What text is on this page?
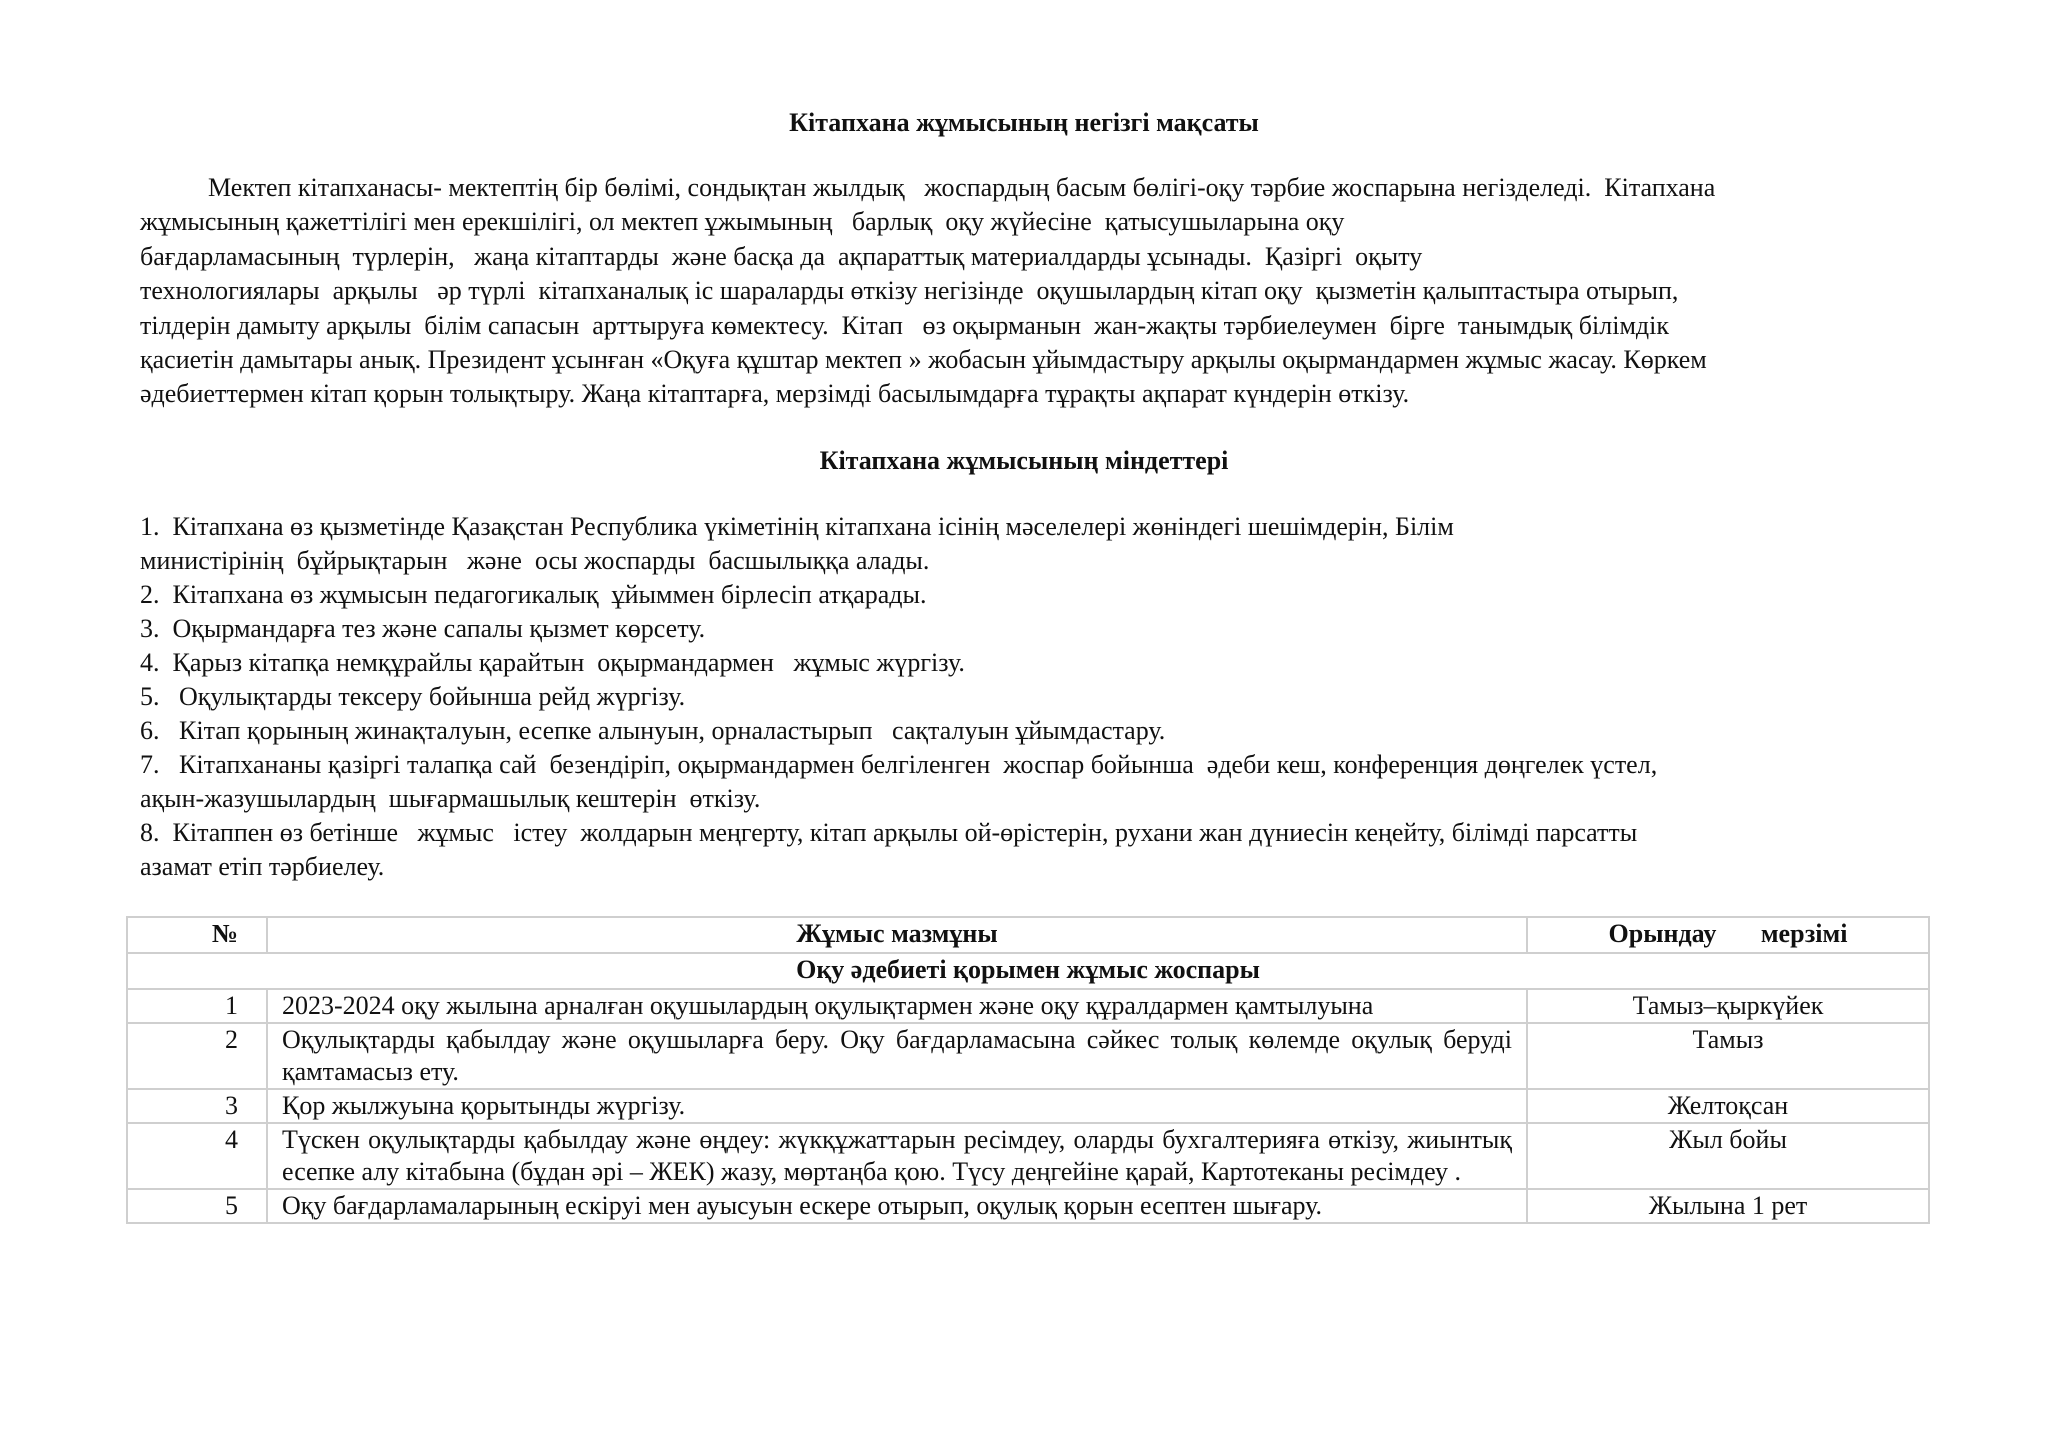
Кітапхана жұмысының негізгі мақсаты
Мектеп кітапханасы- мектептің бір бөлімі, сондықтан жылдық   жоспардың басым бөлігі-оқу тәрбие жоспарына негізделеді.  Кітапхана
жұмысының қажеттілігі мен ерекшілігі, ол мектеп ұжымының   барлық  оқу жүйесіне  қатысушыларына оқу
бағдарламасының  түрлерін,   жаңа кітаптарды  және басқа да  ақпараттық материалдарды ұсынады.  Қазіргі  оқыту
технологиялары  арқылы   әр түрлі  кітапханалық іс шараларды өткізу негізінде  оқушылардың кітап оқу  қызметін қалыптастыра отырып,
тілдерін дамыту арқылы  білім сапасын  арттыруға көмектесу.  Кітап   өз оқырманын  жан-жақты тәрбиелеумен  бірге  танымдық білімдік
қасиетін дамытары анық. Президент ұсынған «Оқуға құштар мектеп » жобасын ұйымдастыру арқылы оқырмандармен жұмыс жасау. Көркем
әдебиеттермен кітап қорын толықтыру. Жаңа кітаптарға, мерзімді басылымдарға тұрақты ақпарат күндерін өткізу.
Кітапхана жұмысының міндеттері
1.  Кітапхана өз қызметінде Қазақстан Республика үкіметінің кітапхана ісінің мәселелері жөніндегі шешімдерін, Білім
министірінің  бұйрықтарын   және  осы жоспарды  басшылыққа алады.
2.  Кітапхана өз жұмысын педагогикалық  ұйыммен бірлесіп атқарады.
3.  Оқырмандарға тез және сапалы қызмет көрсету.
4.  Қарыз кітапқа немқұрайлы қарайтын  оқырмандармен   жұмыс жүргізу.
5.   Оқулықтарды тексеру бойынша рейд жүргізу.
6.   Кітап қорының жинақталуын, есепке алынуын, орналастырып   сақталуын ұйымдастару.
7.   Кітапхананы қазіргі талапқа сай  безендіріп, оқырмандармен белгіленген  жоспар бойынша  әдеби кеш, конференция дөңгелек үстел,
ақын-жазушылардың  шығармашылық кештерін  өткізу.
8.  Кітаппен өз бетінше   жұмыс   істеу  жолдарын меңгерту, кітап арқылы ой-өрістерін, рухани жан дүниесін кеңейту, білімді парсатты
азамат етіп тәрбиелеу.
№	Жұмыс мазмұны	Орындау мерзімі
Оқу әдебиеті қорымен жұмыс жоспары		
1	2023-2024 оқу жылына арналған оқушылардың оқулықтармен және оқу құралдармен қамтылуына	Тамыз–қыркүйек
2	Оқулықтарды қабылдау және оқушыларға беру. Оқу бағдарламасына сәйкес толық көлемде оқулық беруді қамтамасыз ету.	Тамыз
3	Қор жылжуына қорытынды жүргізу.	Желтоқсан
4	Түскен оқулықтарды қабылдау және өңдеу: жүкқұжаттарын ресімдеу, оларды бухгалтерияға өткізу, жиынтық есепке алу кітабына (бұдан әрі – ЖЕК) жазу, мөртаңба қою. Түсу деңгейіне қарай, Картотеканы ресімдеу .	Жыл бойы
5	Оқу бағдарламаларының ескіруі мен ауысуын ескере отырып, оқулық қорын есептен шығару.	Жылына 1 рет
